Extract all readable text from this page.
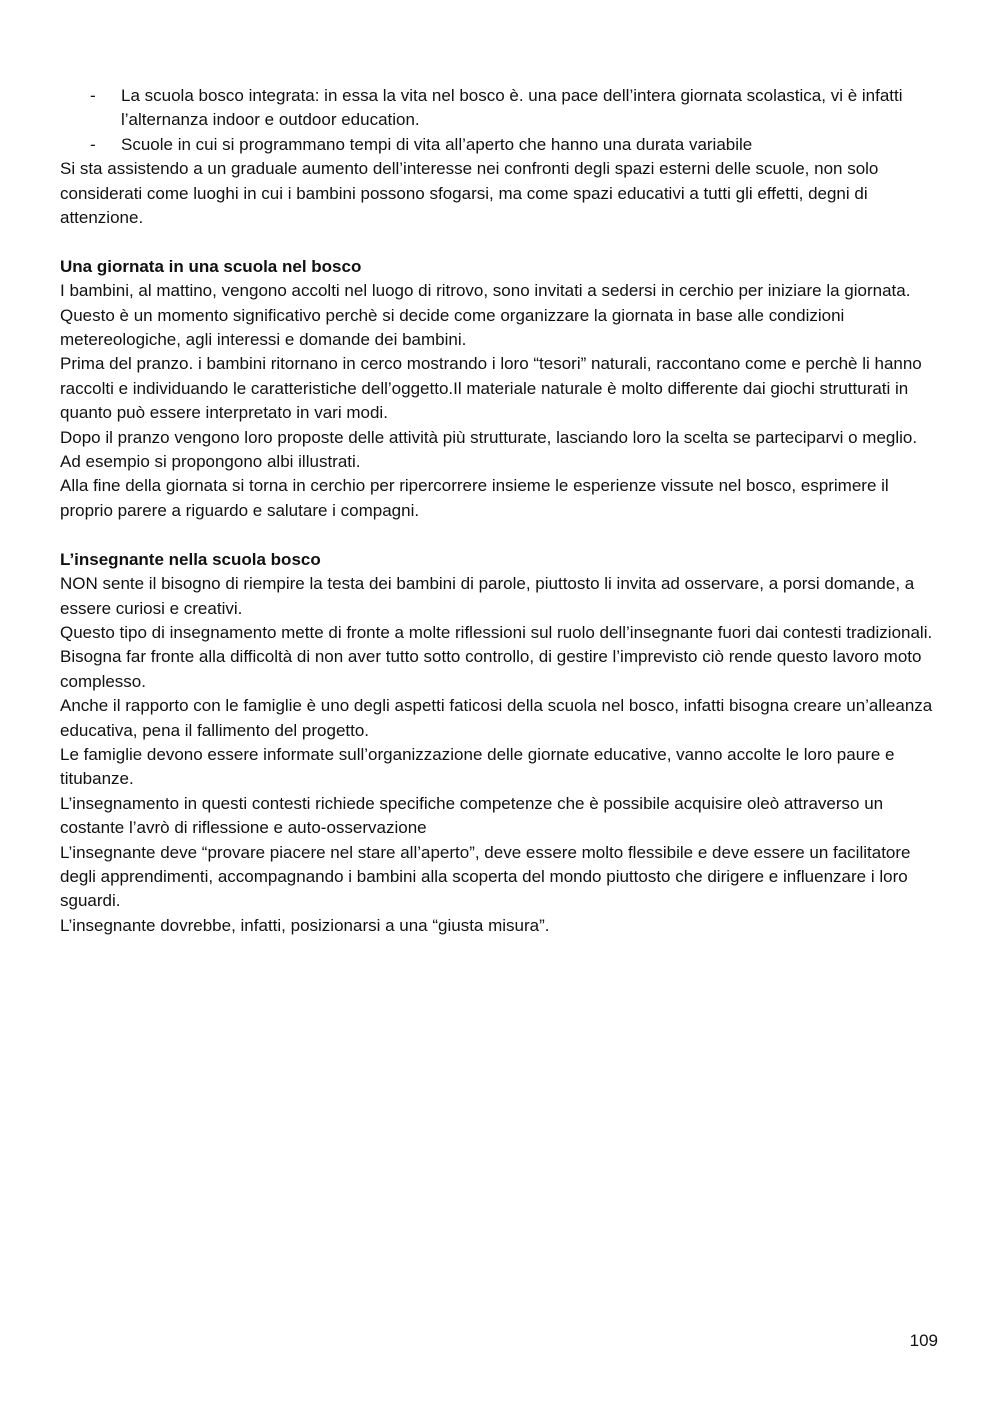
- La scuola bosco integrata: in essa la vita nel bosco è. una pace dell’intera giornata scolastica, vi è infatti l’alternanza indoor e outdoor education.
- Scuole in cui si programmano tempi di vita all’aperto che hanno una durata variabile

Si sta assistendo a un graduale aumento dell’interesse nei confronti degli spazi esterni delle scuole, non solo considerati come luoghi in cui i bambini possono sfogarsi, ma come spazi educativi a tutti gli effetti, degni di attenzione.

Una giornata in una scuola nel bosco

I bambini, al mattino, vengono accolti nel luogo di ritrovo, sono invitati a sedersi in cerchio per iniziare la giornata. Questo è un momento significativo perchè si decide come organizzare la giornata in base alle condizioni metereologiche, agli interessi e domande dei bambini.

Prima del pranzo. i bambini ritornano in cerco mostrando i loro “tesori” naturali, raccontano come e perchè li hanno raccolti e individuando le caratteristiche dell’oggetto.Il materiale naturale è molto differente dai giochi strutturati in quanto può essere interpretato in vari modi.

Dopo il pranzo vengono loro proposte delle attività più strutturate, lasciando loro la scelta se parteciparvi o meglio. Ad esempio si propongono albi illustrati.

Alla fine della giornata si torna in cerchio per ripercorrere insieme le esperienze vissute nel bosco, esprimere il proprio parere a riguardo e salutare i compagni.

L’insegnante nella scuola bosco

NON sente il bisogno di riempire la testa dei bambini di parole, piuttosto li invita ad osservare, a porsi domande, a essere curiosi e creativi.

Questo tipo di insegnamento mette di fronte a molte riflessioni sul ruolo dell’insegnante fuori dai contesti tradizionali.

Bisogna far fronte alla difficoltà di non aver tutto sotto controllo, di gestire l’imprevisto ciò rende questo lavoro moto complesso.

Anche il rapporto con le famiglie è uno degli aspetti faticosi della scuola nel bosco, infatti bisogna creare un’alleanza educativa, pena il fallimento del progetto.

Le famiglie devono essere informate sull’organizzazione delle giornate educative, vanno accolte le loro paure e titubanze.

L’insegnamento in questi contesti richiede specifiche competenze che è possibile acquisire oleò attraverso un costante l’avrò di riflessione e auto-osservazione

L’insegnante deve “provare piacere nel stare all’aperto”, deve essere molto flessibile e deve essere un facilitatore degli apprendimenti, accompagnando i bambini alla scoperta del mondo piuttosto che dirigere e influenzare i loro sguardi.

L’insegnante dovrebbe, infatti, posizionarsi a una “giusta misura”.

109
